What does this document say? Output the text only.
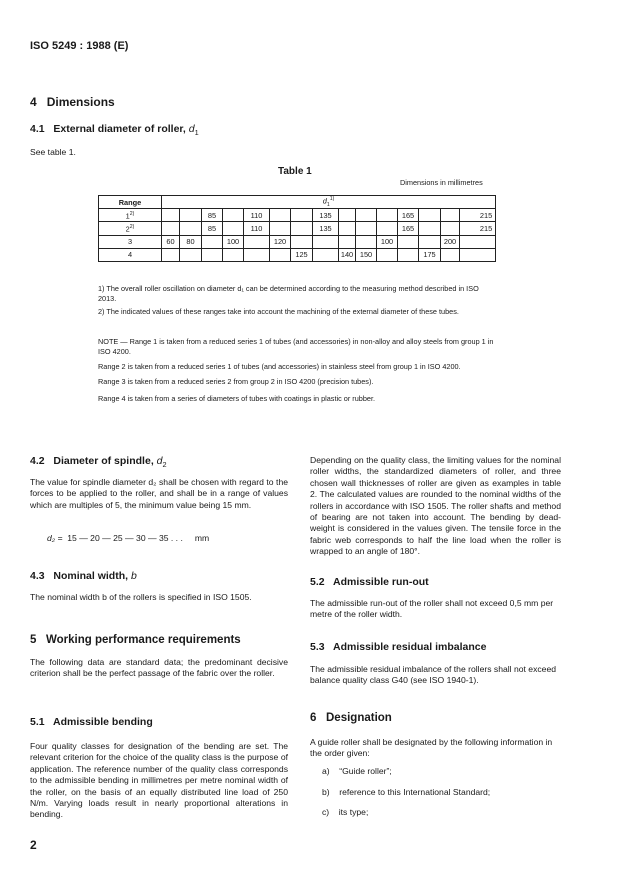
ISO 5249 : 1988 (E)
4 Dimensions
4.1 External diameter of roller, $d_1$
See table 1.
Table 1
Dimensions in millimetres
Range	$d_1^{1)}$
1$^{2)}$			85		110			135				165			215
2$^{2)}$			85		110			135				165			215
3	60	80		100		120					100			200	
4							125		140	150			175		
1) The overall roller oscillation on diameter d₁ can be determined according to the measuring method described in ISO 2013.
2) The indicated values of these ranges take into account the machining of the external diameter of these tubes.
NOTE — Range 1 is taken from a reduced series 1 of tubes (and accessories) in non-alloy and alloy steels from group 1 in ISO 4200.
Range 2 is taken from a reduced series 1 of tubes (and accessories) in stainless steel from group 1 in ISO 4200.
Range 3 is taken from a reduced series 2 from group 2 in ISO 4200 (precision tubes).
Range 4 is taken from a series of diameters of tubes with coatings in plastic or rubber.
4.2 Diameter of spindle, $d_2$
The value for spindle diameter d₂ shall be chosen with regard to the forces to be applied to the roller, and shall be in a range of values which are multiples of 5, the minimum value being 15 mm.
d₂ = 15 — 20 — 25 — 30 — 35 . . . mm
4.3 Nominal width, b
The nominal width b of the rollers is specified in ISO 1505.
5 Working performance requirements
The following data are standard data; the predominant decisive criterion shall be the perfect passage of the fabric over the roller.
5.1 Admissible bending
Four quality classes for designation of the bending are set. The relevant criterion for the choice of the quality class is the purpose of application. The reference number of the quality class corresponds to the admissible bending in millimetres per metre nominal width of the roller, on the basis of an equally distributed line load of 250 N/m. Varying loads result in nearly proportional alterations in bending.
2
Depending on the quality class, the limiting values for the nominal roller widths, the standardized diameters of roller, and three chosen wall thicknesses of roller are given as examples in table 2. The calculated values are rounded to the nominal widths of the rollers in accordance with ISO 1505. The roller shafts and method of bearing are not taken into account. The bending by dead-weight is considered in the values given. The tensile force in the fabric web corresponds to half the line load when the roller is wrapped to an angle of 180°.
5.2 Admissible run-out
The admissible run-out of the roller shall not exceed 0,5 mm per metre of the roller width.
5.3 Admissible residual imbalance
The admissible residual imbalance of the rollers shall not exceed balance quality class G40 (see ISO 1940-1).
6 Designation
A guide roller shall be designated by the following information in the order given:
a) “Guide roller”;
b) reference to this International Standard;
c) its type;
